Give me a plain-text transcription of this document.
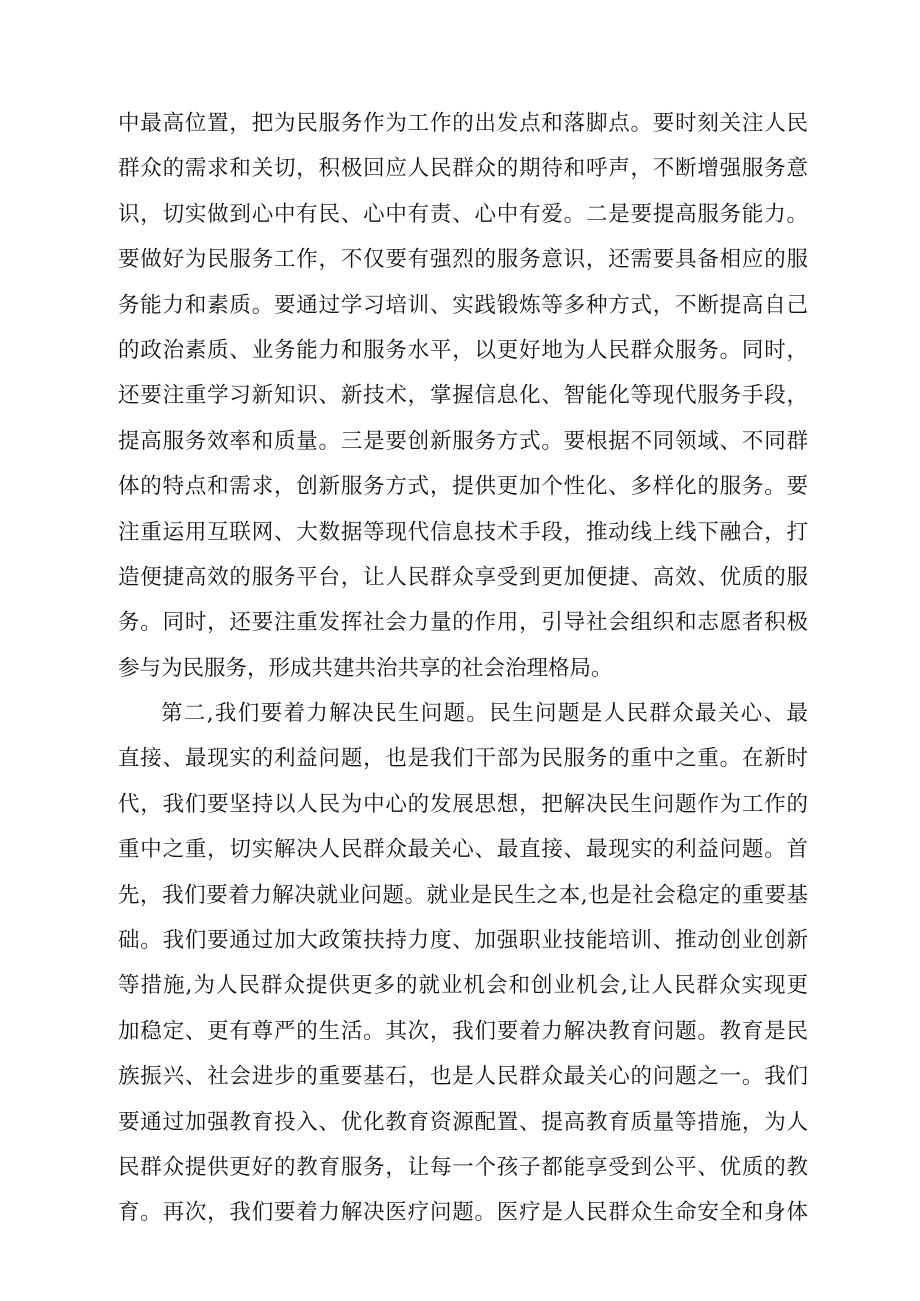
中最高位置，把为民服务作为工作的出发点和落脚点。要时刻关注人民
群众的需求和关切，积极回应人民群众的期待和呼声，不断增强服务意
识，切实做到心中有民、心中有责、心中有爱。二是要提高服务能力。
要做好为民服务工作，不仅要有强烈的服务意识，还需要具备相应的服
务能力和素质。要通过学习培训、实践锻炼等多种方式，不断提高自己
的政治素质、业务能力和服务水平，以更好地为人民群众服务。同时，
还要注重学习新知识、新技术，掌握信息化、智能化等现代服务手段，
提高服务效率和质量。三是要创新服务方式。要根据不同领域、不同群
体的特点和需求，创新服务方式，提供更加个性化、多样化的服务。要
注重运用互联网、大数据等现代信息技术手段，推动线上线下融合，打
造便捷高效的服务平台，让人民群众享受到更加便捷、高效、优质的服
务。同时，还要注重发挥社会力量的作用，引导社会组织和志愿者积极
参与为民服务，形成共建共治共享的社会治理格局。
第二,我们要着力解决民生问题。民生问题是人民群众最关心、最
直接、最现实的利益问题，也是我们干部为民服务的重中之重。在新时
代，我们要坚持以人民为中心的发展思想，把解决民生问题作为工作的
重中之重，切实解决人民群众最关心、最直接、最现实的利益问题。首
先，我们要着力解决就业问题。就业是民生之本,也是社会稳定的重要基
础。我们要通过加大政策扶持力度、加强职业技能培训、推动创业创新
等措施,为人民群众提供更多的就业机会和创业机会,让人民群众实现更
加稳定、更有尊严的生活。其次，我们要着力解决教育问题。教育是民
族振兴、社会进步的重要基石，也是人民群众最关心的问题之一。我们
要通过加强教育投入、优化教育资源配置、提高教育质量等措施，为人
民群众提供更好的教育服务，让每一个孩子都能享受到公平、优质的教
育。再次，我们要着力解决医疗问题。医疗是人民群众生命安全和身体
